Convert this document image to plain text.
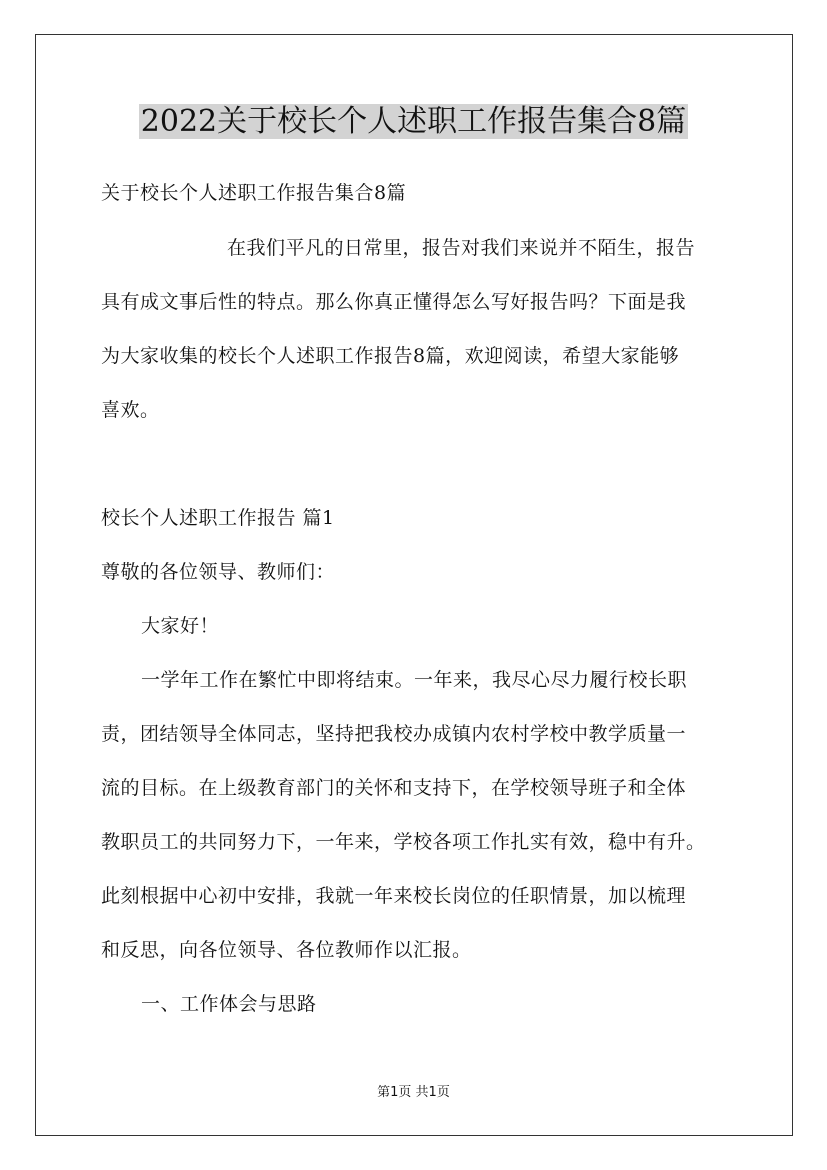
2022关于校长个人述职工作报告集合8篇

关于校长个人述职工作报告集合8篇

在我们平凡的日常里，报告对我们来说并不陌生，报告

具有成文事后性的特点。那么你真正懂得怎么写好报告吗？下面是我

为大家收集的校长个人述职工作报告8篇，欢迎阅读，希望大家能够

喜欢。

校长个人述职工作报告 篇1

尊敬的各位领导、教师们：

大家好！

一学年工作在繁忙中即将结束。一年来，我尽心尽力履行校长职

责，团结领导全体同志，坚持把我校办成镇内农村学校中教学质量一

流的目标。在上级教育部门的关怀和支持下，在学校领导班子和全体

教职员工的共同努力下，一年来，学校各项工作扎实有效，稳中有升。

此刻根据中心初中安排，我就一年来校长岗位的任职情景，加以梳理

和反思，向各位领导、各位教师作以汇报。

一、工作体会与思路

第1页 共1页
